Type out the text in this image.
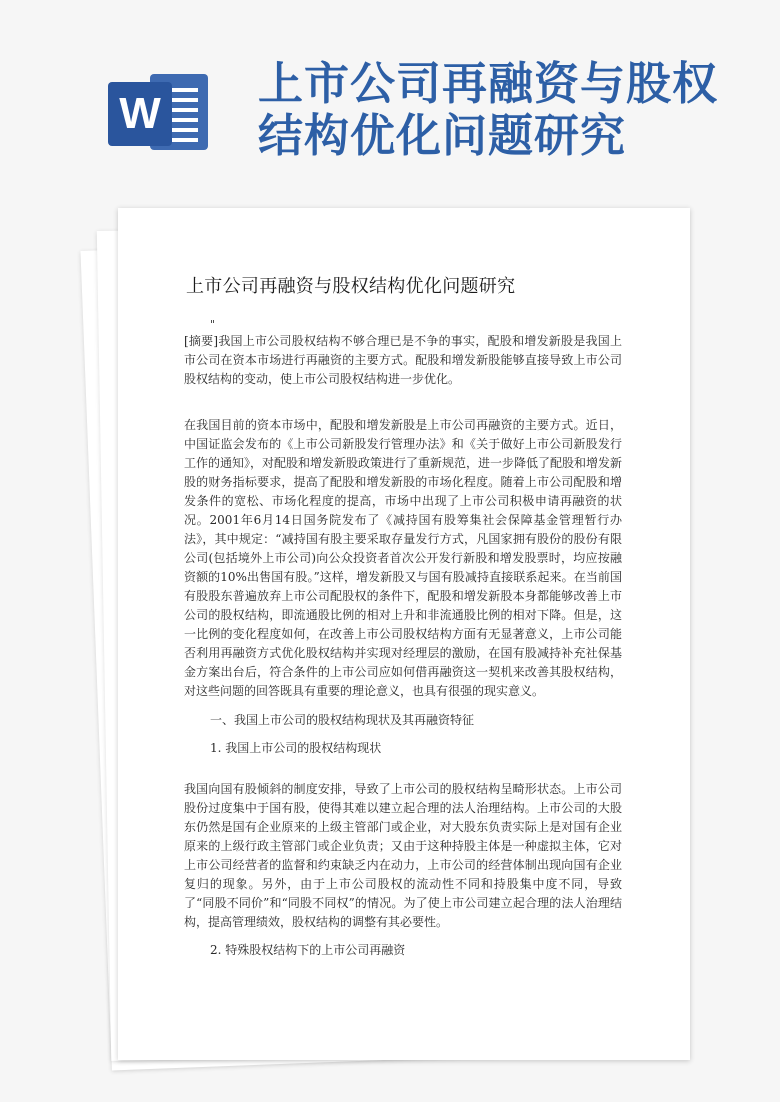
W
上市公司再融资与股权结构优化问题研究
上市公司再融资与股权结构优化问题研究
"

[摘要]我国上市公司股权结构不够合理已是不争的事实，配股和增发新股是我国上市公司在资本市场进行再融资的主要方式。配股和增发新股能够直接导致上市公司股权结构的变动，使上市公司股权结构进一步优化。

在我国目前的资本市场中，配股和增发新股是上市公司再融资的主要方式。近日，中国证监会发布的《上市公司新股发行管理办法》和《关于做好上市公司新股发行工作的通知》，对配股和增发新股政策进行了重新规范，进一步降低了配股和增发新股的财务指标要求，提高了配股和增发新股的市场化程度。随着上市公司配股和增发条件的宽松、市场化程度的提高，市场中出现了上市公司积极申请再融资的状况。2001年6月14日国务院发布了《减持国有股筹集社会保障基金管理暂行办法》，其中规定：“减持国有股主要采取存量发行方式，凡国家拥有股份的股份有限公司(包括境外上市公司)向公众投资者首次公开发行新股和增发股票时，均应按融资额的10%出售国有股。”这样，增发新股又与国有股减持直接联系起来。在当前国有股股东普遍放弃上市公司配股权的条件下，配股和增发新股本身都能够改善上市公司的股权结构，即流通股比例的相对上升和非流通股比例的相对下降。但是，这一比例的变化程度如何，在改善上市公司股权结构方面有无显著意义，上市公司能否利用再融资方式优化股权结构并实现对经理层的激励，在国有股减持补充社保基金方案出台后，符合条件的上市公司应如何借再融资这一契机来改善其股权结构，对这些问题的回答既具有重要的理论意义，也具有很强的现实意义。

一、我国上市公司的股权结构现状及其再融资特征
1. 我国上市公司的股权结构现状

我国向国有股倾斜的制度安排，导致了上市公司的股权结构呈畸形状态。上市公司股份过度集中于国有股，使得其难以建立起合理的法人治理结构。上市公司的大股东仍然是国有企业原来的上级主管部门或企业，对大股东负责实际上是对国有企业原来的上级行政主管部门或企业负责；又由于这种持股主体是一种虚拟主体，它对上市公司经营者的监督和约束缺乏内在动力，上市公司的经营体制出现向国有企业复归的现象。另外，由于上市公司股权的流动性不同和持股集中度不同，导致了“同股不同价”和“同股不同权”的情况。为了使上市公司建立起合理的法人治理结构，提高管理绩效，股权结构的调整有其必要性。

2. 特殊股权结构下的上市公司再融资
